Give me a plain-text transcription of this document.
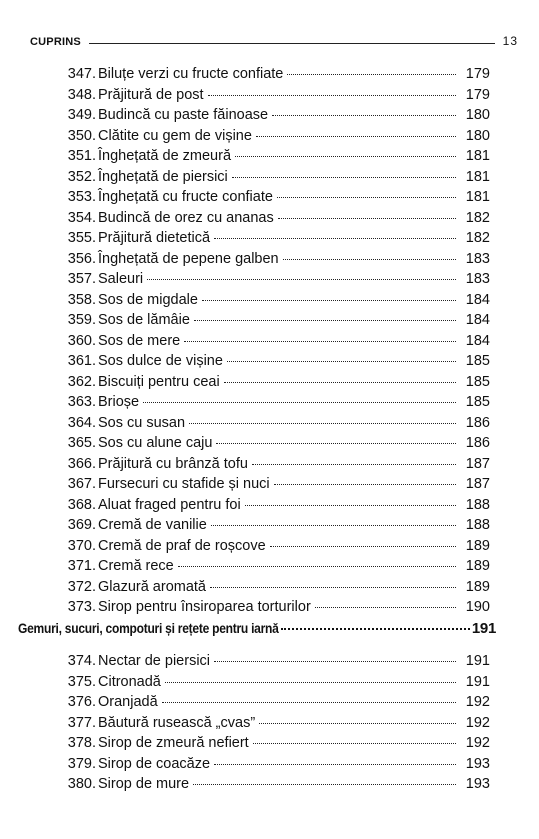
CUPRINS	13
347. Biluțe verzi cu fructe confiate	179
348. Prăjitură de post	179
349. Budincă cu paste făinoase	180
350. Clătite cu gem de vișine	180
351. Înghețată de zmeură	181
352. Înghețată de piersici	181
353. Înghețată cu fructe confiate	181
354. Budincă de orez cu ananas	182
355. Prăjitură dietetică	182
356. Înghețată de pepene galben	183
357. Saleuri	183
358. Sos de migdale	184
359. Sos de lămâie	184
360. Sos de mere	184
361. Sos dulce de vișine	185
362. Biscuiți pentru ceai	185
363. Brioșe	185
364. Sos cu susan	186
365. Sos cu alune caju	186
366. Prăjitură cu brânză tofu	187
367. Fursecuri cu stafide și nuci	187
368. Aluat fraged pentru foi	188
369. Cremă de vanilie	188
370. Cremă de praf de roșcove	189
371. Cremă rece	189
372. Glazură aromată	189
373. Sirop pentru însiroparea torturilor	190
Gemuri, sucuri, compoturi și rețete pentru iarnă	191
374. Nectar de piersici	191
375. Citronadă	191
376. Oranjadă	192
377. Băutură rusească „cvas”	192
378. Sirop de zmeură nefiert	192
379. Sirop de coacăze	193
380. Sirop de mure	193
